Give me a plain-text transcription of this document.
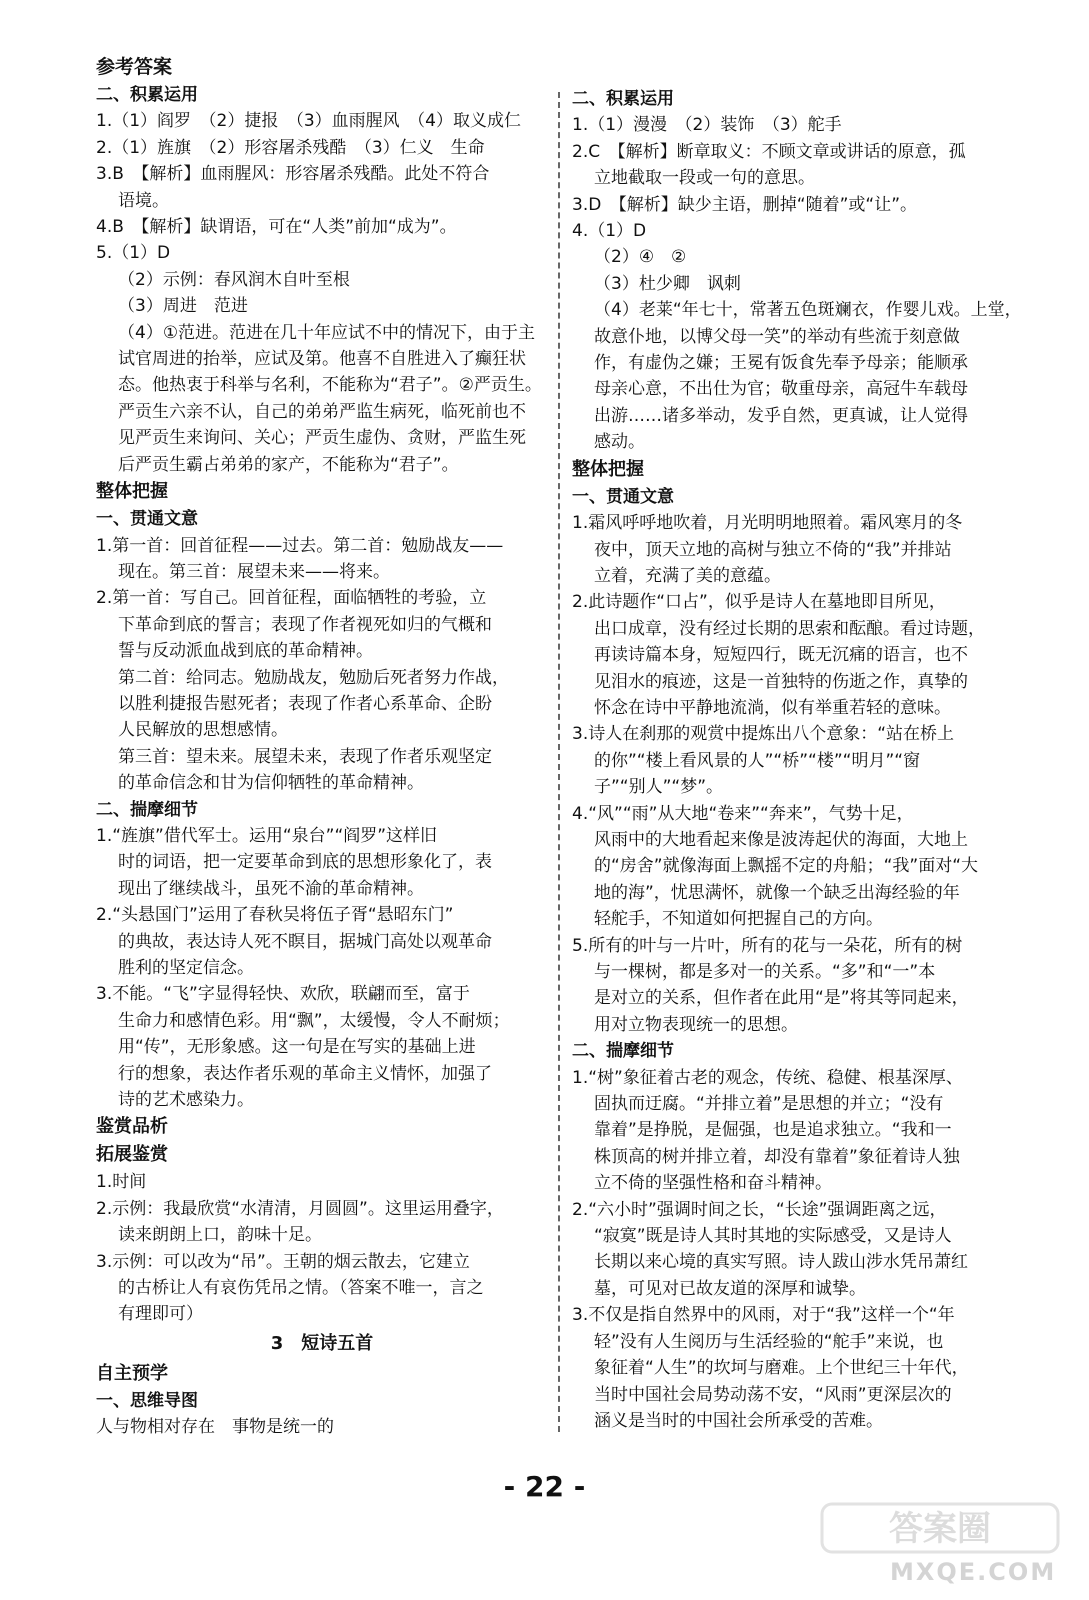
参考答案
二、积累运用
1.（1）阎罗　（2）捷报　（3）血雨腥风　（4）取义成仁
2.（1）旌旗　（2）形容屠杀残酷　（3）仁义　生命
3.B　【解析】血雨腥风：形容屠杀残酷。此处不符合
语境。
4.B　【解析】缺谓语，可在“人类”前加“成为”。
5.（1）D
（2）示例：春风润木自叶至根
（3）周进　范进
（4）①范进。范进在几十年应试不中的情况下，由于主
试官周进的抬举，应试及第。他喜不自胜进入了癫狂状
态。他热衷于科举与名利，不能称为“君子”。②严贡生。
严贡生六亲不认，自己的弟弟严监生病死，临死前也不
见严贡生来询问、关心；严贡生虚伪、贪财，严监生死
后严贡生霸占弟弟的家产，不能称为“君子”。
整体把握
一、贯通文意
1.第一首：回首征程——过去。第二首：勉励战友——
现在。第三首：展望未来——将来。
2.第一首：写自己。回首征程，面临牺牲的考验，立
下革命到底的誓言；表现了作者视死如归的气概和
誓与反动派血战到底的革命精神。
第二首：给同志。勉励战友，勉励后死者努力作战，
以胜利捷报告慰死者；表现了作者心系革命、企盼
人民解放的思想感情。
第三首：望未来。展望未来，表现了作者乐观坚定
的革命信念和甘为信仰牺牲的革命精神。
二、揣摩细节
1.“旌旗”借代军士。运用“泉台”“阎罗”这样旧
时的词语，把一定要革命到底的思想形象化了，表
现出了继续战斗，虽死不渝的革命精神。
2.“头悬国门”运用了春秋吴将伍子胥“悬昭东门”
的典故，表达诗人死不瞑目，据城门高处以观革命
胜利的坚定信念。
3.不能。“飞”字显得轻快、欢欣，联翩而至，富于
生命力和感情色彩。用“飘”，太缓慢，令人不耐烦；
用“传”，无形象感。这一句是在写实的基础上进
行的想象，表达作者乐观的革命主义情怀，加强了
诗的艺术感染力。
鉴赏品析
拓展鉴赏
1.时间
2.示例：我最欣赏“水清清，月圆圆”。这里运用叠字，
读来朗朗上口，韵味十足。
3.示例：可以改为“吊”。王朝的烟云散去，它建立
的古桥让人有哀伤凭吊之情。（答案不唯一，言之
有理即可）
3　短诗五首
自主预学
一、思维导图
人与物相对存在　事物是统一的
二、积累运用
1.（1）漫漫　（2）装饰　（3）舵手
2.C　【解析】断章取义：不顾文章或讲话的原意，孤
立地截取一段或一句的意思。
3.D　【解析】缺少主语，删掉“随着”或“让”。
4.（1）D
（2）④　②
（3）杜少卿　讽刺
（4）老莱“年七十，常著五色斑斓衣，作婴儿戏。上堂，
故意仆地，以博父母一笑”的举动有些流于刻意做
作，有虚伪之嫌；王冕有饭食先奉予母亲；能顺承
母亲心意，不出仕为官；敬重母亲，高冠牛车载母
出游……诸多举动，发乎自然，更真诚，让人觉得
感动。
整体把握
一、贯通文意
1.霜风呼呼地吹着，月光明明地照着。霜风寒月的冬
夜中，顶天立地的高树与独立不倚的“我”并排站
立着，充满了美的意蕴。
2.此诗题作“口占”，似乎是诗人在墓地即目所见，
出口成章，没有经过长期的思索和酝酿。看过诗题，
再读诗篇本身，短短四行，既无沉痛的语言，也不
见泪水的痕迹，这是一首独特的伤逝之作，真挚的
怀念在诗中平静地流淌，似有举重若轻的意味。
3.诗人在刹那的观赏中提炼出八个意象：“站在桥上
的你”“楼上看风景的人”“桥”“楼”“明月”“窗
子”“别人”“梦”。
4.“风”“雨”从大地“卷来”“奔来”，气势十足，
风雨中的大地看起来像是波涛起伏的海面，大地上
的“房舍”就像海面上飘摇不定的舟船；“我”面对“大
地的海”，忧思满怀，就像一个缺乏出海经验的年
轻舵手，不知道如何把握自己的方向。
5.所有的叶与一片叶，所有的花与一朵花，所有的树
与一棵树，都是多对一的关系。“多”和“一”本
是对立的关系，但作者在此用“是”将其等同起来，
用对立物表现统一的思想。
二、揣摩细节
1.“树”象征着古老的观念，传统、稳健、根基深厚、
固执而迂腐。“并排立着”是思想的并立；“没有
靠着”是挣脱，是倔强，也是追求独立。“我和一
株顶高的树并排立着，却没有靠着”象征着诗人独
立不倚的坚强性格和奋斗精神。
2.“六小时”强调时间之长，“长途”强调距离之远，
“寂寞”既是诗人其时其地的实际感受，又是诗人
长期以来心境的真实写照。诗人跋山涉水凭吊萧红
墓，可见对已故友道的深厚和诚挚。
3.不仅是指自然界中的风雨，对于“我”这样一个“年
轻”没有人生阅历与生活经验的“舵手”来说，也
象征着“人生”的坎坷与磨难。上个世纪三十年代，
当时中国社会局势动荡不安，“风雨”更深层次的
涵义是当时的中国社会所承受的苦难。
- 22 -
答案圈
MXQE.COM
